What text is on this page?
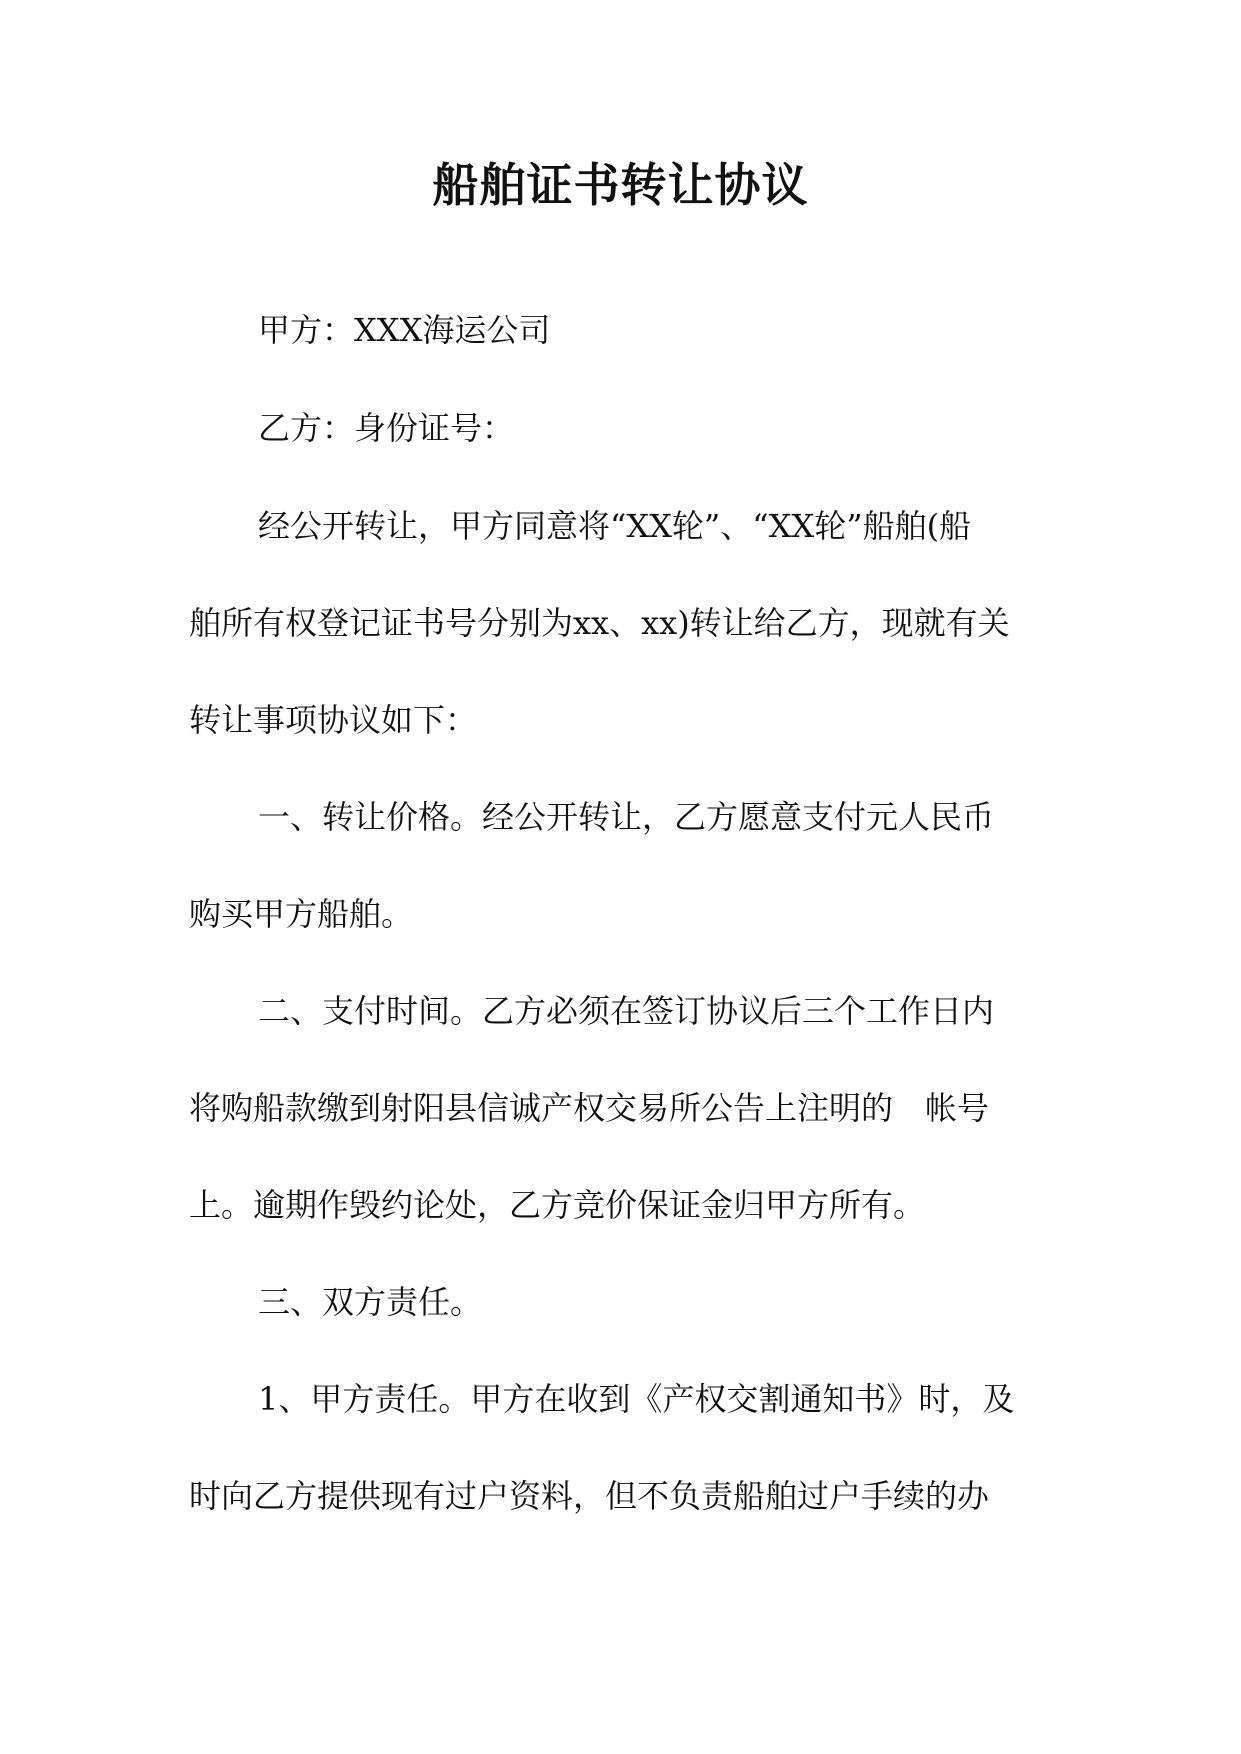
船舶证书转让协议

甲方：XXX海运公司

乙方：身份证号：

经公开转让，甲方同意将“XX轮”、“XX轮”船舶(船

舶所有权登记证书号分别为xx、xx)转让给乙方，现就有关

转让事项协议如下：

一、转让价格。经公开转让，乙方愿意支付元人民币

购买甲方船舶。

二、支付时间。乙方必须在签订协议后三个工作日内

将购船款缴到射阳县信诚产权交易所公告上注明的　帐号

上。逾期作毁约论处，乙方竞价保证金归甲方所有。

三、双方责任。

1、甲方责任。甲方在收到《产权交割通知书》时，及

时向乙方提供现有过户资料，但不负责船舶过户手续的办
